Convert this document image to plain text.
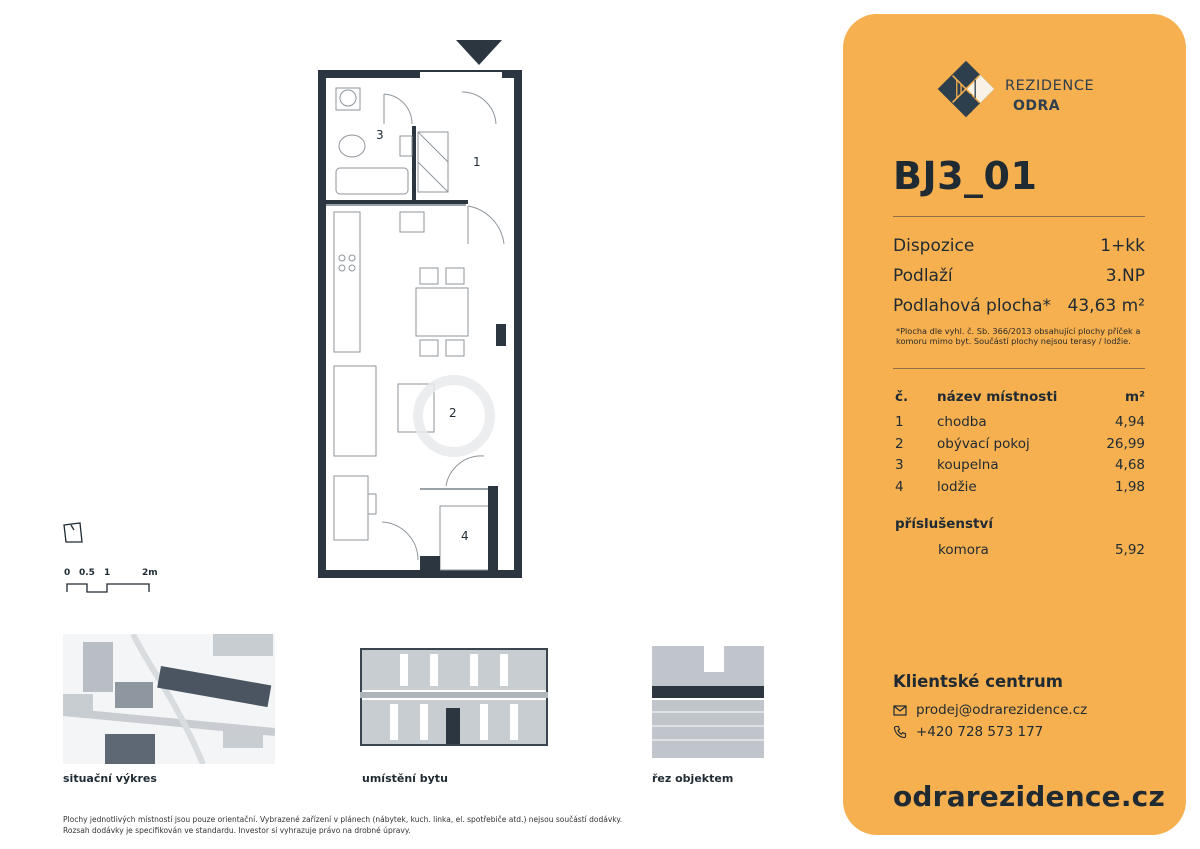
3
1
2
4
0 0.5 1	2m
situační výkres	umístění bytu	řez objektem
Plochy jednotlivých místností jsou pouze orientační. Vybrazené zařízení v plánech (nábytek, kuch. linka, el. spotřebiče atd.) nejsou součástí dodávky.
Rozsah dodávky je specifikován ve standardu. Investor si vyhrazuje právo na drobné úpravy.
REZIDENCE
ODRA
BJ3_01
Dispozice	1+kk
Podlaží	3.NP
Podlahová plocha* 43,63 m²
*Plocha dle vyhl. č. Sb. 366/2013 obsahující plochy příček a komoru mimo byt. Součástí plochy nejsou terasy / lodžie.
č. název místnosti	m²
1 chodba	4,94
2 obývací pokoj	26,99
3 koupelna	4,68
4 lodžie	1,98
příslušenství
komora	5,92
Klientské centrum
prodej@odrarezidence.cz
+420 728 573 177
odrarezidence.cz
